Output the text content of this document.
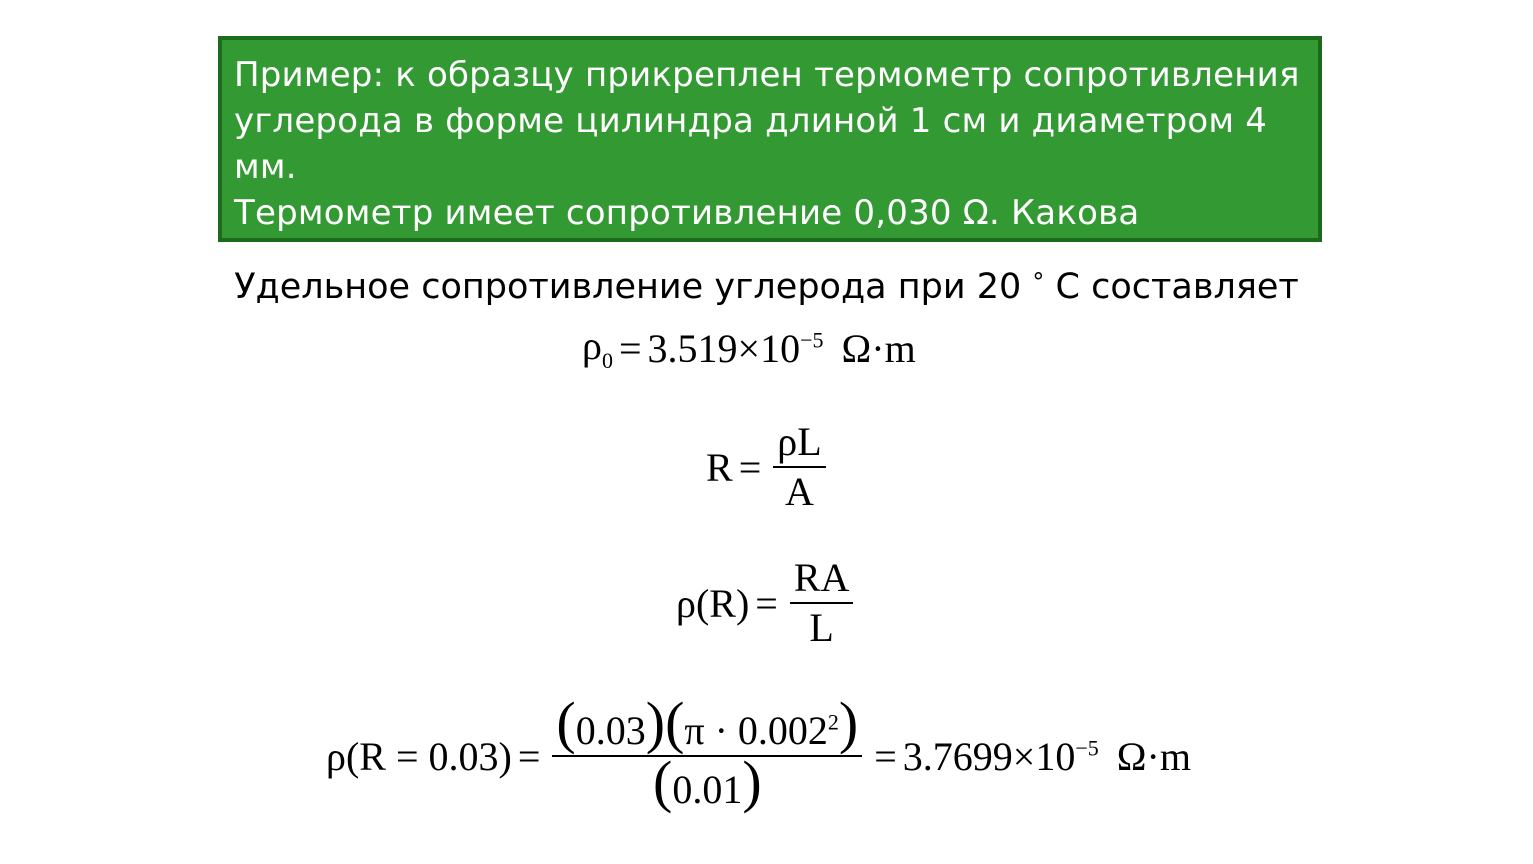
Пример: к образцу прикреплен термометр сопротивления

углерода в форме цилиндра длиной 1 см и диаметром 4 мм.

Термометр имеет сопротивление 0,030 Ω. Какова

температура образца?

Удельное сопротивление углерода при 20 ° C составляет
$\rho_0 = 3.519\times 10^{-5}$ Ω·m
$R = \frac{\rho L}{A}$
$\rho(R) = \frac{RA}{L}$
$\rho(R = 0.03) = \frac{(0.03)(\pi \cdot 0.002^2)}{(0.01)} = 3.7699\times 10^{-5}$ Ω·m
